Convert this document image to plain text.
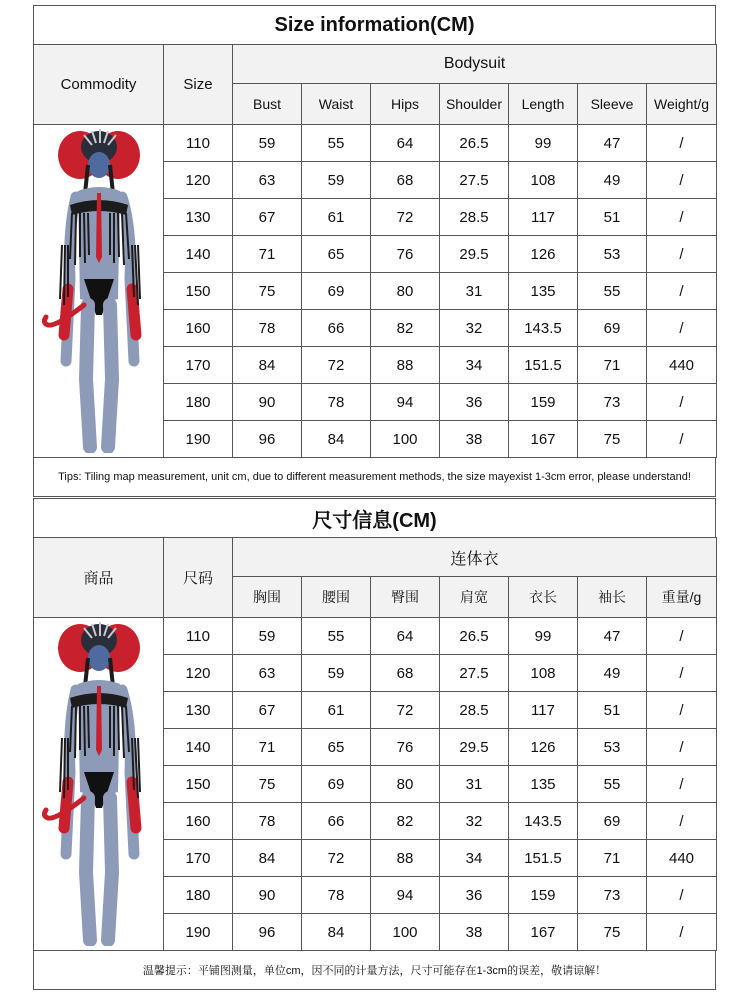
Size information(CM)
Commodity	Size	Bodysuit						
		Bust	Waist	Hips	Shoulder	Length	Sleeve	Weight/g

	110	59	55	64	26.5	99	47	/
	120	63	59	68	27.5	108	49	/
	130	67	61	72	28.5	117	51	/
	140	71	65	76	29.5	126	53	/
	150	75	69	80	31	135	55	/
	160	78	66	82	32	143.5	69	/
	170	84	72	88	34	151.5	71	440
	180	90	78	94	36	159	73	/
	190	96	84	100	38	167	75	/
Tips: Tiling map measurement, unit cm, due to different measurement methods, the size mayexist 1-3cm error, please understand!
尺寸信息(CM)
商品	尺码	连体衣						
		胸围	腰围	臀围	肩宽	衣长	袖长	重量/g

	110	59	55	64	26.5	99	47	/
	120	63	59	68	27.5	108	49	/
	130	67	61	72	28.5	117	51	/
	140	71	65	76	29.5	126	53	/
	150	75	69	80	31	135	55	/
	160	78	66	82	32	143.5	69	/
	170	84	72	88	34	151.5	71	440
	180	90	78	94	36	159	73	/
	190	96	84	100	38	167	75	/
温馨提示：平铺图测量，单位cm，因不同的计量方法，尺寸可能存在1-3cm的误差，敬请谅解！
